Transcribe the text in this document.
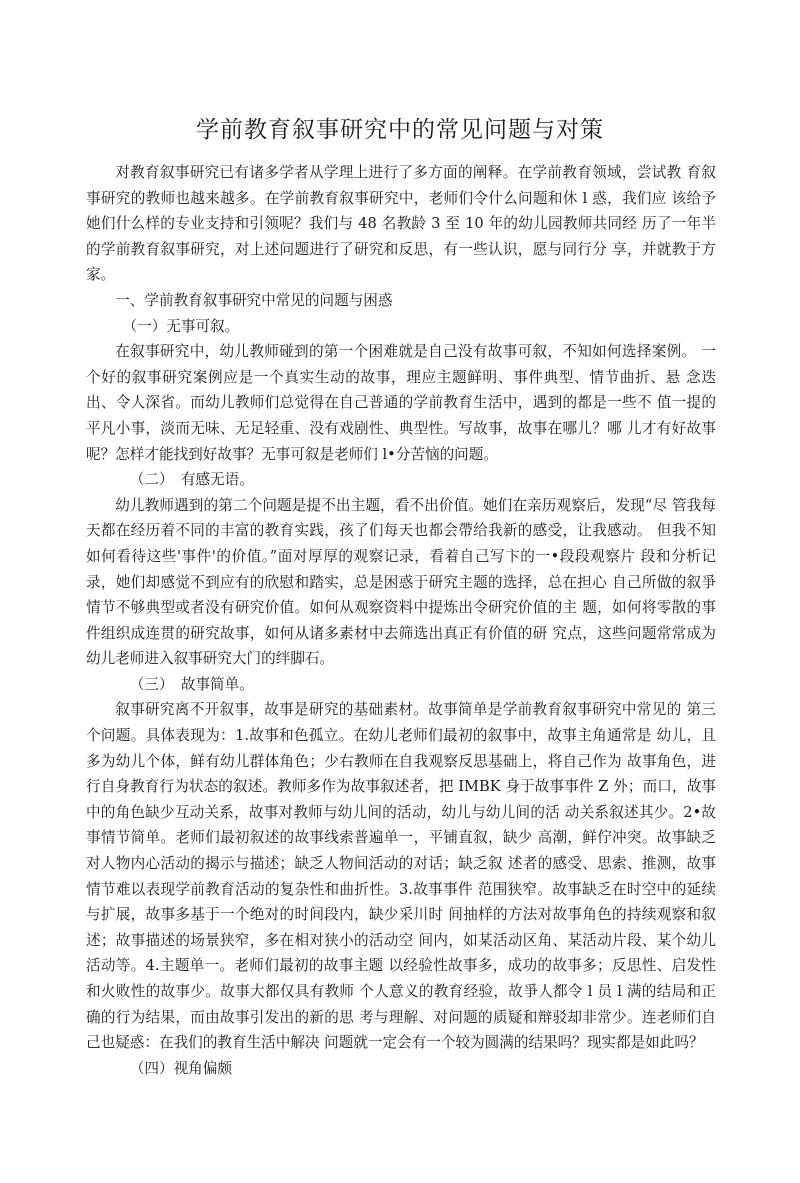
学前教育叙事研究中的常见问题与对策

对教育叙事研究已有诸多学者从学理上进行了多方面的阐释。在学前教育领域，尝试教 育叙事研究的教师也越来越多。在学前教育叙事研究中，老师们令什么问题和休 l 惑，我们应 该给予她们什么样的专业支持和引领呢？我们与 48 名教龄 3 至 10 年的幼儿园教师共同经 历了一年半的学前教育叙事研究，对上述问题进行了研究和反思，有一些认识，愿与同行分 享，并就教于方家。

一、学前教育叙事研究中常见的问题与困惑

（一）无事可叙。

在叙事研究中，幼儿教师碰到的第一个困难就是自己没有故事可叙，不知如何选择案例。 一个好的叙事研究案例应是一个真实生动的故事，理应主题鲜明、事件典型、情节曲折、悬 念迭出、令人深省。而幼儿教师们总觉得在自己普通的学前教育生活中，遇到的都是一些不 值一提的平凡小事，淡而无味、无足轻重、没有戏剧性、典型性。写故事，故事在哪儿？哪 儿才有好故事呢？怎样才能找到好故事？无事可叙是老师们 l•分苦恼的问题。

（二）　有感无语。

幼儿教师遇到的第二个问题是提不出主题，看不出价值。她们在亲历观察后，发现“尽 管我每天都在经历着不同的丰富的教育实践，孩了们每天也都会帶给我新的感受，让我感动。 但我不知如何看待这些'事件'的价值。”面对厚厚的观察记录，看着自己写卞的一•段段观察片 段和分析记录，她们却感觉不到应有的欣慰和踏实，总是困惑于研究主题的选择，总在担心 自己所做的叙爭情节不够典型或者没有研究价值。如何从观察资料中提炼出令研究价值的主 题，如何将零散的事件组织成连贯的研究故事，如何从诸多素材中去筛选出真正有价值的研 究点，这些问题常常成为幼儿老师进入叙事研究大门的绊脚石。

（三）　故事简单。

叙事研究离不开叙事，故事是研究的基础素材。故事简单是学前教育叙事研究中常见的 第三个问题。具体表现为：1.故事和色孤立。在幼儿老师们最初的叙事中，故事主角通常是 幼儿，且多为幼儿个体，鲜有幼儿群体角色；少右教师在自我观察反思基础上，将自己作为 故事角色，进行自身教育行为状态的叙述。教师多作为故事叙述者，把 IMBK 身于故事事件 Z 外；而口，故事中的角色缺少互动关系，故事对教师与幼儿间的活动，幼儿与幼儿间的活 动关系叙述其少。2•故事情节简单。老师们最初叙述的故事线索普遍单一，平铺直叙，缺少 高潮，鲜佇冲突。故事缺乏对人物内心活动的揭示与描述；缺乏人物间活动的对话；缺乏叙 述者的感受、思索、推测，故事情节难以表现学前教育活动的复杂性和曲折性。3.故事事件 范围狭窄。故事缺乏在时空中的延续与扩展，故事多基于一个绝对的时间段内，缺少采川时 间抽样的方法对故事角色的持续观察和叙述；故事描述的场景狭窄，多在相对狭小的活动空 间内，如某活动区角、某活动片段、某个幼儿活动等。4.主题单一。老师们最初的故事主题 以经验性故事多，成功的故事多；反思性、启发性和火败性的故事少。故事大都仅具有教师 个人意义的教育经验，故爭人都令 l 员 l 满的结局和正确的行为结果，而由故事引发出的新的思 考与理解、对问题的质疑和辩驳却非常少。连老师们自己也疑惑：在我们的教育生活中解决 问题就一定会有一个较为圆满的结果吗？现实都是如此吗？

（四）视角偏颇
